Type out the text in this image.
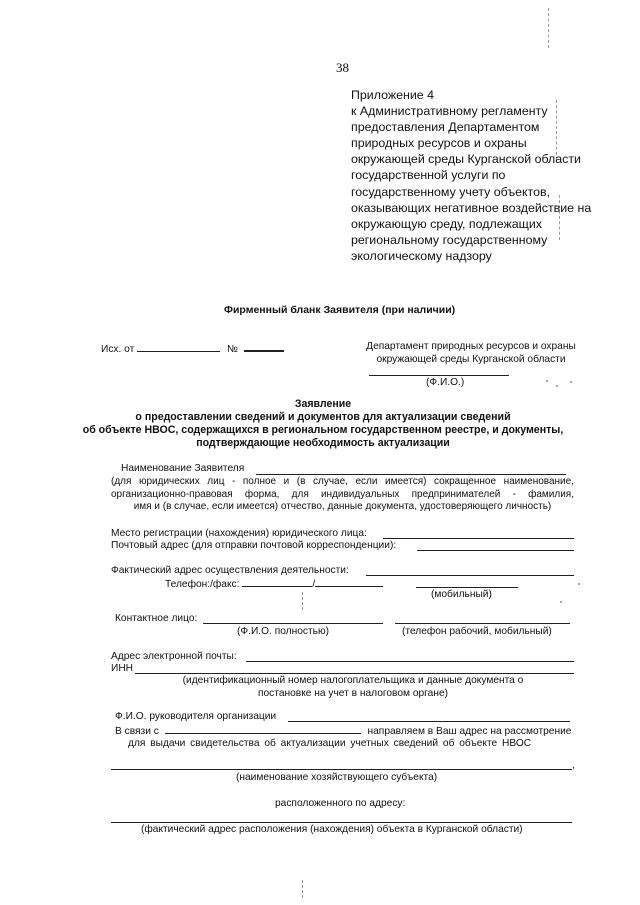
38
Приложение 4
к Административному регламенту
предоставления Департаментом
природных ресурсов и охраны
окружающей среды Курганской области
государственной услуги по
государственному учету объектов,
оказывающих негативное воздействие на
окружающую среду, подлежащих
региональному государственному
экологическому надзору
Фирменный бланк Заявителя (при наличии)
Исх. от	№	Департамент природных ресурсов и охраны
окружающей среды Курганской области
(Ф.И.О.)
Заявление
о предоставлении сведений и документов для актуализации сведений
об объекте НВОС, содержащихся в региональном государственном реестре, и документы,
подтверждающие необходимость актуализации
Наименование Заявителя
(для юридических лиц - полное и (в случае, если имеется) сокращенное наименование,
организационно-правовая форма, для индивидуальных предпринимателей - фамилия,
имя и (в случае, если имеется) отчество, данные документа, удостоверяющего личность)
Место регистрации (нахождения) юридического лица:
Почтовый адрес (для отправки почтовой корреспонденции):
Фактический адрес осуществления деятельности:
Телефон:/факс:	/
(мобильный)
Контактное лицо:
(Ф.И.О. полностью)	(телефон рабочий, мобильный)
Адрес электронной почты:
ИНН
(идентификационный номер налогоплательщика и данные документа о
постановке на учет в налоговом органе)
Ф.И.О. руководителя организации
В связи с	направляем в Ваш адрес на рассмотрение
для выдачи свидетельства об актуализации учетных сведений об объекте НВОС
,
(наименование хозяйствующего субъекта)
расположенного по адресу:
(фактический адрес расположения (нахождения) объекта в Курганской области)
